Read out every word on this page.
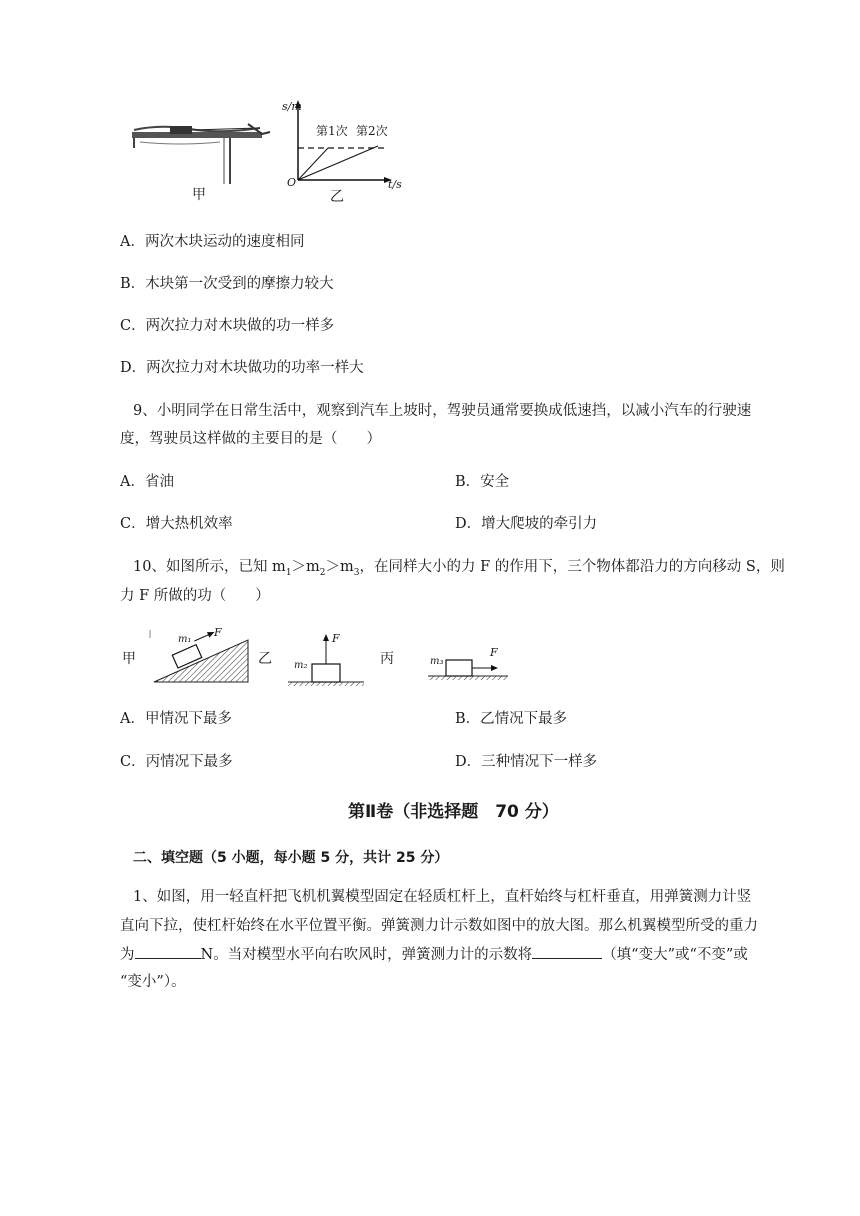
甲	乙
s/m
t/s
O
第1次 第2次
A．两次木块运动的速度相同
B．木块第一次受到的摩擦力较大
C．两次拉力对木块做的功一样多
D．两次拉力对木块做功的功率一样大
9、小明同学在日常生活中，观察到汽车上坡时，驾驶员通常要换成低速挡，以减小汽车的行驶速
度，驾驶员这样做的主要目的是（　　）
A．省油	B．安全
C．增大热机效率	D．增大爬坡的牵引力
10、如图所示，已知 $m_1>m_2>m_3$，在同样大小的力 F 的作用下，三个物体都沿力的方向移动 S，则
力 F 所做的功（　　）
甲	乙	丙
m₁
F
m₂
F
m₃
F
A．甲情况下最多	B．乙情况下最多
C．丙情况下最多	D．三种情况下一样多
第Ⅱ卷（非选择题　70 分）
二、填空题（5 小题，每小题 5 分，共计 25 分）
1、如图，用一轻直杆把飞机机翼模型固定在轻质杠杆上，直杆始终与杠杆垂直，用弹簧测力计竖
直向下拉，使杠杆始终在水平位置平衡。弹簧测力计示数如图中的放大图。那么机翼模型所受的重力
为	N。当对模型水平向右吹风时，弹簧测力计的示数将	（填“变大”或“不变”或
“变小”）。
